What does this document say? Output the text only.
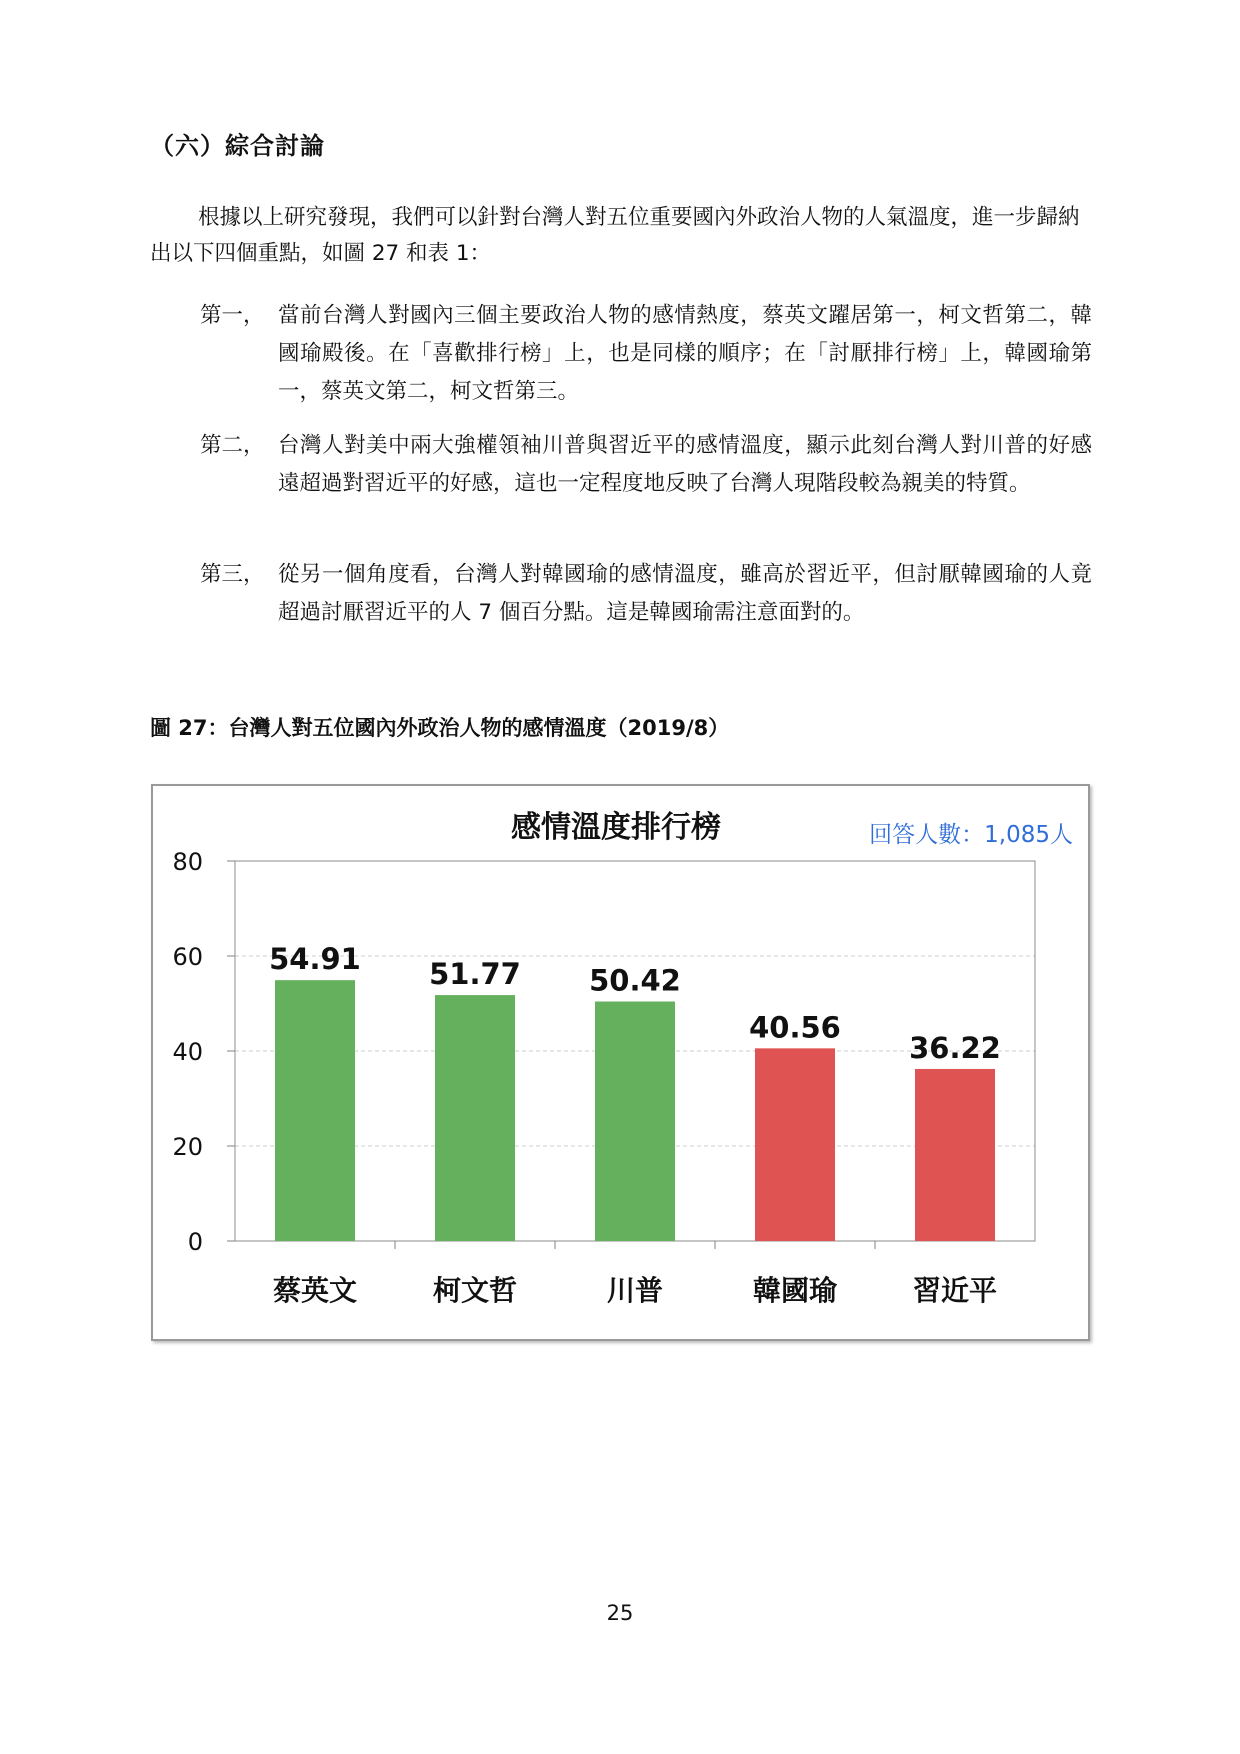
（六）綜合討論

根據以上研究發現，我們可以針對台灣人對五位重要國內外政治人物的人氣溫度，進一步歸納出以下四個重點，如圖 27 和表 1：

第一， 當前台灣人對國內三個主要政治人物的感情熱度，蔡英文躍居第一，柯文哲第二，韓國瑜殿後。在「喜歡排行榜」上，也是同樣的順序；在「討厭排行榜」上，韓國瑜第一，蔡英文第二，柯文哲第三。
第二， 台灣人對美中兩大強權領袖川普與習近平的感情溫度，顯示此刻台灣人對川普的好感遠超過對習近平的好感，這也一定程度地反映了台灣人現階段較為親美的特質。
第三， 從另一個角度看，台灣人對韓國瑜的感情溫度，雖高於習近平，但討厭韓國瑜的人竟超過討厭習近平的人 7 個百分點。這是韓國瑜需注意面對的。
圖 27：台灣人對五位國內外政治人物的感情溫度（2019/8）
感情溫度排行榜	回答人數：1,085人
0
20
40
60
80
54.91
蔡英文
51.77
柯文哲
50.42
川普
40.56
韓國瑜
36.22
習近平
25
